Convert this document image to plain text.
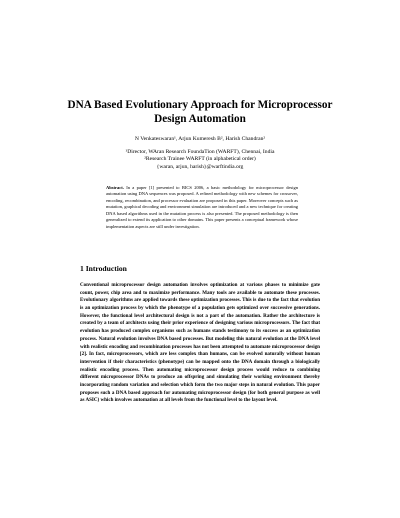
DNA Based Evolutionary Approach for Microprocessor
Design Automation
N Venkateswaran¹, Arjun Kumeresh B², Harish Chandran²
¹Director, WAran Research FoundaTion (WARFT), Chennai, India
²Research Trainee WARFT (in alphabetical order)
{waran, arjun, harish}@warftindia.org
Abstract. In a paper [1] presented to BICS 2006, a basic methodology for microprocessor design automation using DNA sequences was proposed. A refined methodology with new schemes for crossover, encoding, recombination, and processor evaluation are proposed in this paper. Moreover concepts such as mutation, graphical decoding and environment simulation are introduced and a new technique for creating DNA based algorithms used in the mutation process is also presented. The proposed methodology is then generalized to extend its application to other domains. This paper presents a conceptual framework whose implementation aspects are still under investigation.
1 Introduction

Conventional microprocessor design automation involves optimization at various phases to minimize gate count, power, chip area and to maximize performance. Many tools are available to automate these processes. Evolutionary algorithms are applied towards these optimization processes. This is due to the fact that evolution is an optimization process by which the phenotype of a population gets optimized over successive generations. However, the functional level architectural design is not a part of the automation. Rather the architecture is created by a team of architects using their prior experience of designing various microprocessors. The fact that evolution has produced complex organisms such as humans stands testimony to its success as an optimization process. Natural evolution involves DNA based processes. But modeling this natural evolution at the DNA level with realistic encoding and recombination processes has not been attempted to automate microprocessor design [2]. In fact, microprocessors, which are less complex than humans, can be evolved naturally without human intervention if their characteristics (phenotype) can be mapped onto the DNA domain through a biologically realistic encoding process. Then automating microprocessor design process would reduce to combining different microprocessor DNAs to produce an offspring and simulating their working environment thereby incorporating random variation and selection which form the two major steps in natural evolution. This paper proposes such a DNA based approach for automating microprocessor design (for both general purpose as well as ASIC) which involves automation at all levels from the functional level to the layout level.
